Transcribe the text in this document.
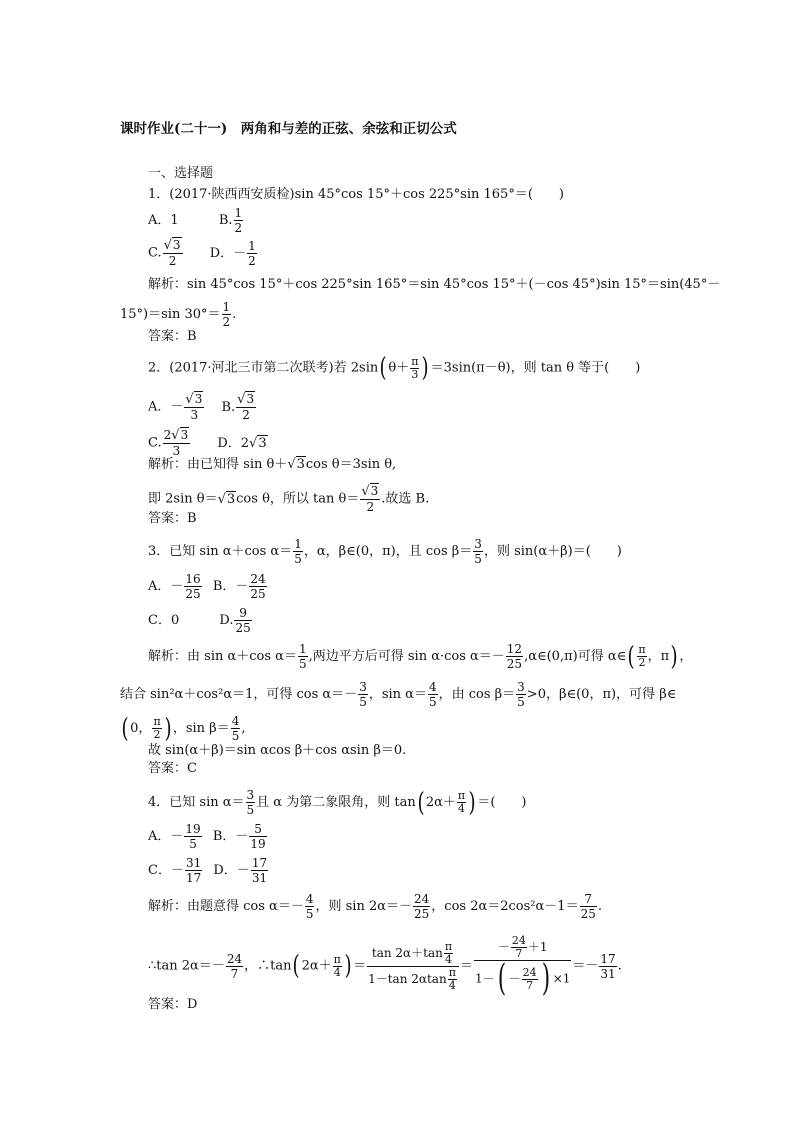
课时作业(二十一)　两角和与差的正弦、余弦和正切公式
一、选择题
1．(2017·陕西西安质检)sin 45°cos 15°＋cos 225°sin 165°＝(　　)
A．1	B. $\frac{1}{2}$
C. $\frac{√3}{2}$ D．－ $\frac{1}{2}$
解析：sin 45°cos 15°＋cos 225°sin 165°＝sin 45°cos 15°＋(－cos 45°)sin 15°＝sin(45°－
15°)＝sin $30^\circ= \frac{1}{2}$ .
答案：B
2．(2017·河北三市第二次联考)若 2sin( $\theta+ \frac{\pi}{3}$ ) ＝3sin(π－θ)，则 tan θ 等于(　　)
A．－ $\frac{√3}{3} B$. $\frac{√3}{2}$
C. $\frac{2√3}{3}$ D．2√3
解析：由已知得 sin θ＋√3cos θ＝3sin θ,
即 2sin θ＝√3cos θ，所以 $\tan \theta= \frac{√3}{2}$ .故选 B.
答案：B
3．已知 sin α＋cos $\alpha= \frac{1}{5}$ ，α，β∈(0，π)，且 $\cos \beta= \frac{3}{5}$ ，则 sin(α＋β)＝(　　)
A．－ $\frac{16}{25}$ B．－ $\frac{24}{25}$
C．0	D. $\frac{9}{25}$
解析：由 sin α＋cos $\alpha= \frac{1}{5}$ ,两边平方后可得 sin α·cos $\alpha=- \frac{12}{25}$ ,α∈(0,π)可得 α∈( $\frac{\pi}{2}$ ，π) ，
结合 sin²α＋cos²α＝1，可得 $\cos \alpha=- \frac{3}{5}$ ，$\sin \alpha= \frac{4}{5}$ ，由 $\cos \beta= \frac{3}{5} >0$，β∈(0，π)，可得 β∈
( 0， $\frac{\pi}{2}$ ) ，$\sin \beta= \frac{4}{5}$ ,
故 sin(α＋β)＝sin αcos β＋cos αsin β＝0.
答案：C
4．已知 $\sin \alpha= \frac{3}{5}$ 且 α 为第二象限角，则 tan( $2\alpha+ \frac{\pi}{4}$ ) ＝(　　)
A．－ $\frac{19}{5}$ B．－ $\frac{5}{19}$
C．－ $\frac{31}{17}$ D．－ $\frac{17}{31}$
解析：由题意得 $\cos \alpha=- \frac{4}{5}$ ，则 $\sin 2\alpha=- \frac{24}{25}$ ，$\cos 2\alpha=2\cos^2\alpha-1= \frac{7}{25}$ .
∴tan $2\alpha=- \frac{24}{7}$ ，∴tan( $2\alpha+ \frac{\pi}{4}$ ) ＝ $\frac{\tan 2\alpha+\tan \frac{\pi}{4}}{1-\tan 2\alpha\tan \frac{\pi}{4}} = \frac{- \frac{24}{7} +1}{1-( - \frac{24}{7} ) \times 1} =- \frac{17}{31}$ .
答案：D
